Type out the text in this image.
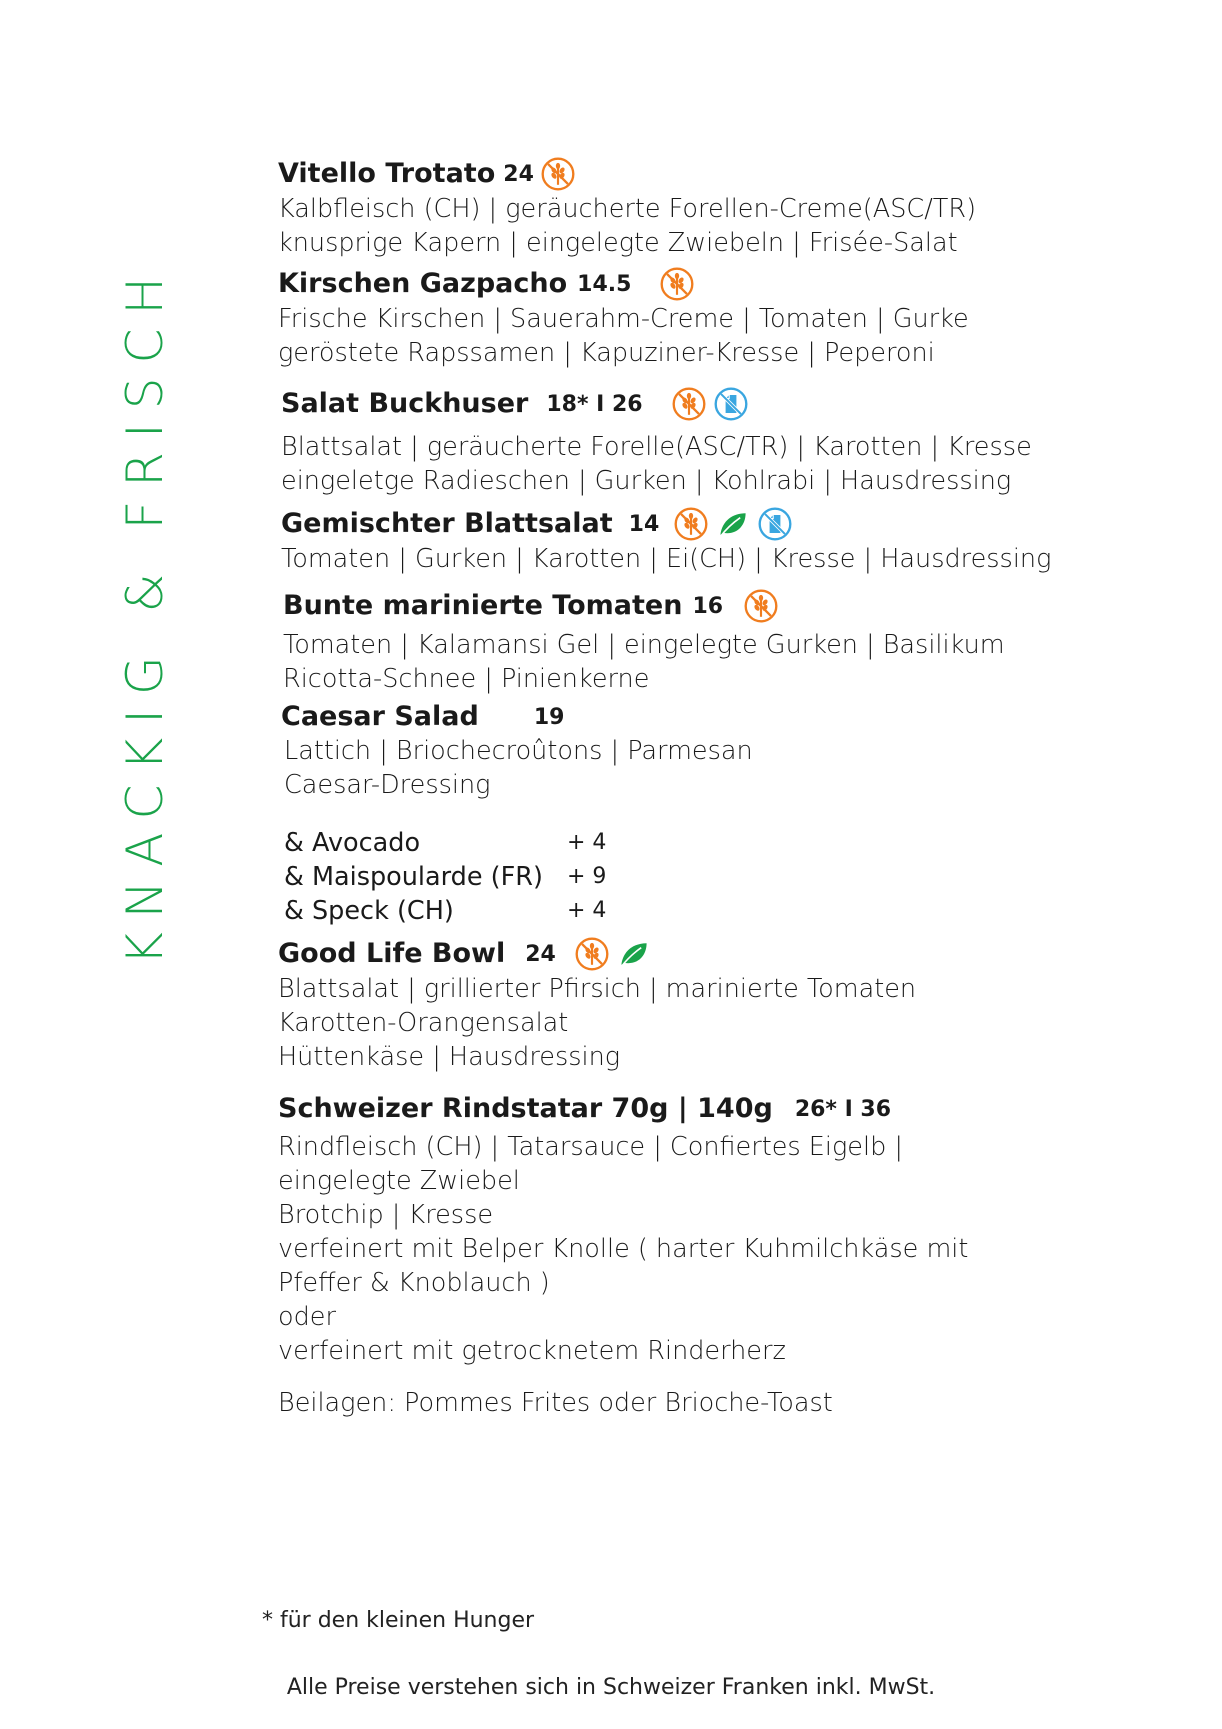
KNACKIG & FRISCH
Vitello Trotato 24
Kalbfleisch (CH) | geräucherte Forellen-Creme(ASC/TR)
knusprige Kapern | eingelegte Zwiebeln | Frisée-Salat
Kirschen Gazpacho 14.5
Frische Kirschen | Sauerahm-Creme | Tomaten | Gurke
geröstete Rapssamen | Kapuziner-Kresse | Peperoni
Salat Buckhuser 18* I 26
Blattsalat | geräucherte Forelle(ASC/TR) | Karotten | Kresse
eingeletge Radieschen | Gurken | Kohlrabi | Hausdressing
Gemischter Blattsalat 14
Tomaten | Gurken | Karotten | Ei(CH) | Kresse | Hausdressing
Bunte marinierte Tomaten 16
Tomaten | Kalamansi Gel | eingelegte Gurken | Basilikum
Ricotta-Schnee | Pinienkerne
Caesar Salad	19
Lattich | Briochecroûtons | Parmesan
Caesar-Dressing
& Avocado	+ 4
& Maispoularde (FR)	+ 9
& Speck (CH)	+ 4
Good Life Bowl 24
Blattsalat | grillierter Pfirsich | marinierte Tomaten
Karotten-Orangensalat
Hüttenkäse | Hausdressing
Schweizer Rindstatar 70g | 140g 26* I 36
Rindfleisch (CH) | Tatarsauce | Confiertes Eigelb |
eingelegte Zwiebel
Brotchip | Kresse
verfeinert mit Belper Knolle ( harter Kuhmilchkäse mit
Pfeffer & Knoblauch )
oder
verfeinert mit getrocknetem Rinderherz
Beilagen: Pommes Frites oder Brioche-Toast
* für den kleinen Hunger
Alle Preise verstehen sich in Schweizer Franken inkl. MwSt.
